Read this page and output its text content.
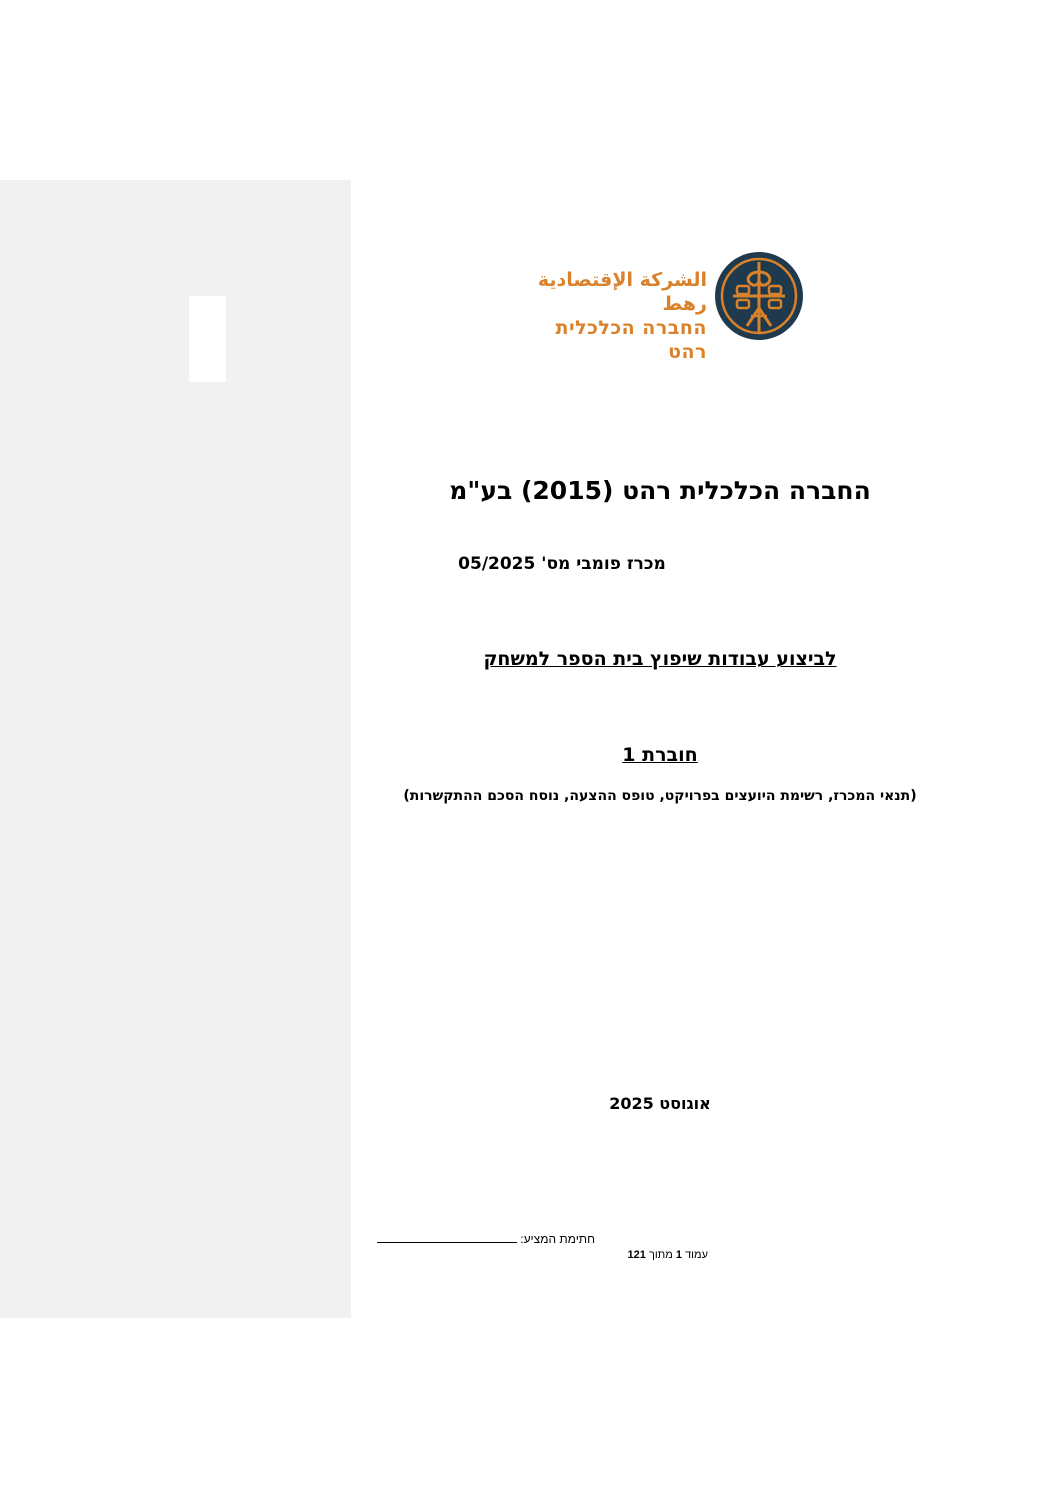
الشركة الإقتصادية رهط
החברה הכלכלית רהט
החברה הכלכלית רהט (2015) בע"מ
מכרז פומבי מס' 05/2025
לביצוע עבודות שיפוץ בית הספר למשחק
חוברת 1
(תנאי המכרז, רשימת היועצים בפרויקט, טופס ההצעה, נוסח הסכם ההתקשרות)
אוגוסט 2025
חתימת המציע:
עמוד 1 מתוך 121
